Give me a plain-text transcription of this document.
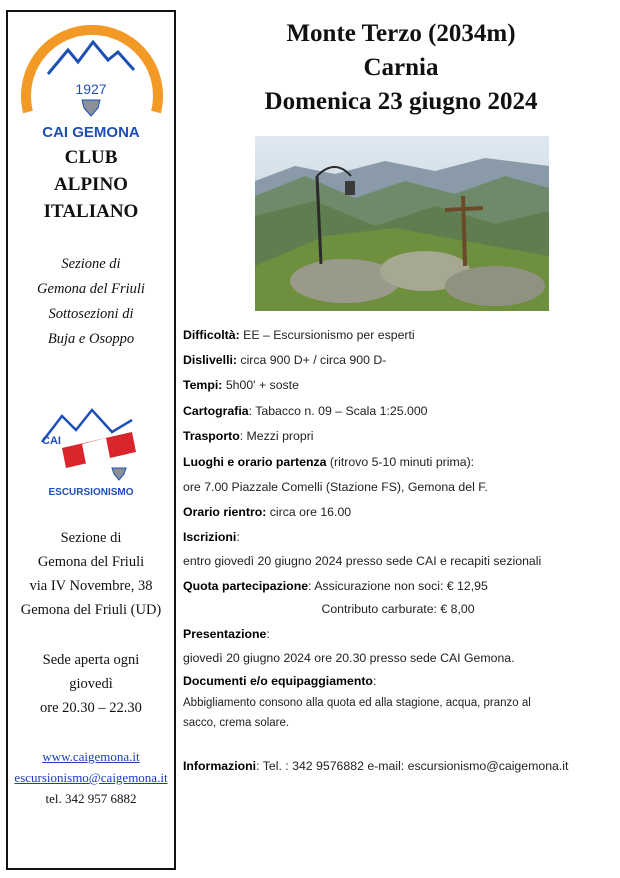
1927
CAI GEMONA
CLUB
ALPINO
ITALIANO
Sezione di
Gemona del Friuli
Sottosezioni di
Buja e Osoppo
CAI
ESCURSIONISMO
Sezione di
Gemona del Friuli
via IV Novembre, 38
Gemona del Friuli (UD)
Sede aperta ogni
giovedì
ore 20.30 – 22.30
www.caigemona.it
escursionismo@caigemona.it
tel. 342 957 6882
Monte Terzo (2034m)
Carnia
Domenica 23 giugno 2024
Difficoltà: EE – Escursionismo per esperti
Dislivelli: circa 900 D+ / circa 900 D-
Tempi: 5h00' + soste
Cartografia: Tabacco n. 09 – Scala 1:25.000
Trasporto: Mezzi propri
Luoghi e orario partenza (ritrovo 5-10 minuti prima):
ore 7.00 Piazzale Comelli (Stazione FS), Gemona del F.
Orario rientro: circa ore 16.00
Iscrizioni:
entro giovedì 20 giugno 2024 presso sede CAI e recapiti sezionali
Quota partecipazione: Assicurazione non soci: € 12,95
Contributo carburate: € 8,00
Presentazione:
giovedì 20 giugno 2024 ore 20.30 presso sede CAI Gemona.
Documenti e/o equipaggiamento:
Abbigliamento consono alla quota ed alla stagione, acqua, pranzo al
sacco, crema solare.
Informazioni: Tel. : 342 9576882 e-mail: escursionismo@caigemona.it
